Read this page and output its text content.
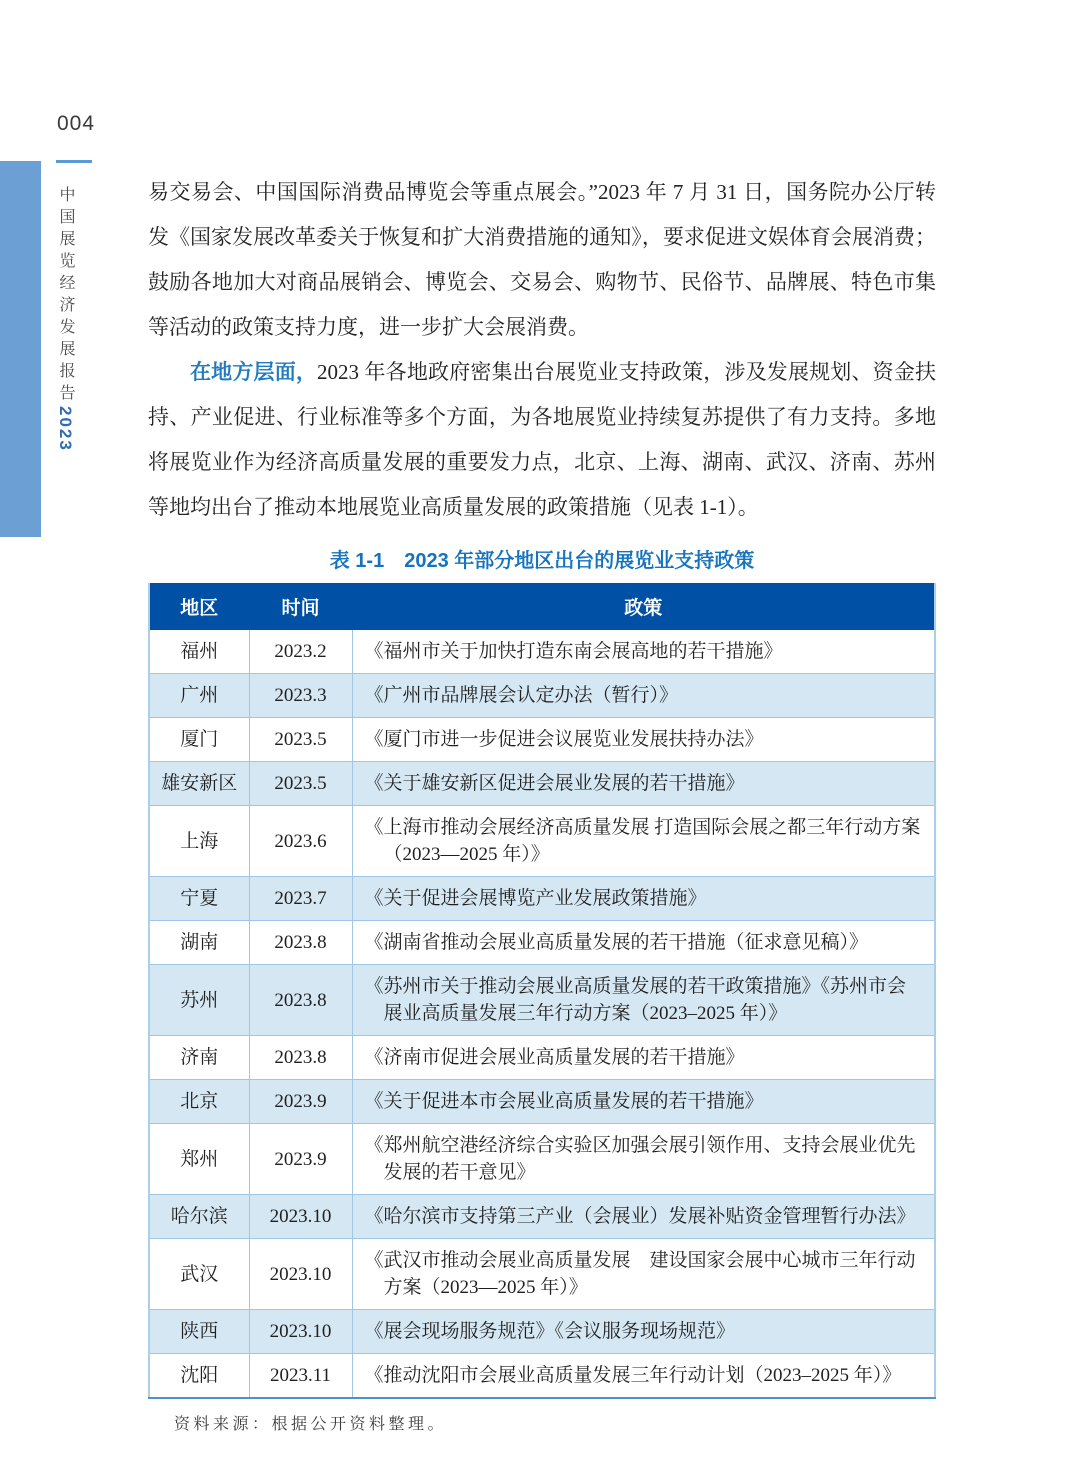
004
中国展览经济发展报告2023

易交易会、中国国际消费品博览会等重点展会。”2023 年 7 月 31 日，国务院办公厅转发《国家发展改革委关于恢复和扩大消费措施的通知》，要求促进文娱体育会展消费；鼓励各地加大对商品展销会、博览会、交易会、购物节、民俗节、品牌展、特色市集等活动的政策支持力度，进一步扩大会展消费。

在地方层面，2023 年各地政府密集出台展览业支持政策，涉及发展规划、资金扶持、产业促进、行业标准等多个方面，为各地展览业持续复苏提供了有力支持。多地将展览业作为经济高质量发展的重要发力点，北京、上海、湖南、武汉、济南、苏州等地均出台了推动本地展览业高质量发展的政策措施（见表 1-1）。

表 1-1　2023 年部分地区出台的展览业支持政策
地区	时间	政策
福州	2023.2	《福州市关于加快打造东南会展高地的若干措施》

广州	2023.3	《广州市品牌展会认定办法（暂行）》

厦门	2023.5	《厦门市进一步促进会议展览业发展扶持办法》

雄安新区	2023.5	《关于雄安新区促进会展业发展的若干措施》

上海	2023.6	《上海市推动会展经济高质量发展 打造国际会展之都三年行动方案（2023—2025 年）》

宁夏	2023.7	《关于促进会展博览产业发展政策措施》

湖南	2023.8	《湖南省推动会展业高质量发展的若干措施（征求意见稿）》

苏州	2023.8	《苏州市关于推动会展业高质量发展的若干政策措施》《苏州市会展业高质量发展三年行动方案（2023–2025 年）》

济南	2023.8	《济南市促进会展业高质量发展的若干措施》

北京	2023.9	《关于促进本市会展业高质量发展的若干措施》

郑州	2023.9	《郑州航空港经济综合实验区加强会展引领作用、支持会展业优先发展的若干意见》

哈尔滨	2023.10	《哈尔滨市支持第三产业（会展业）发展补贴资金管理暂行办法》

武汉	2023.10	《武汉市推动会展业高质量发展　建设国家会展中心城市三年行动方案（2023—2025 年）》

陕西	2023.10	《展会现场服务规范》《会议服务现场规范》

沈阳	2023.11	《推动沈阳市会展业高质量发展三年行动计划（2023–2025 年）》
资料来源：根据公开资料整理。
